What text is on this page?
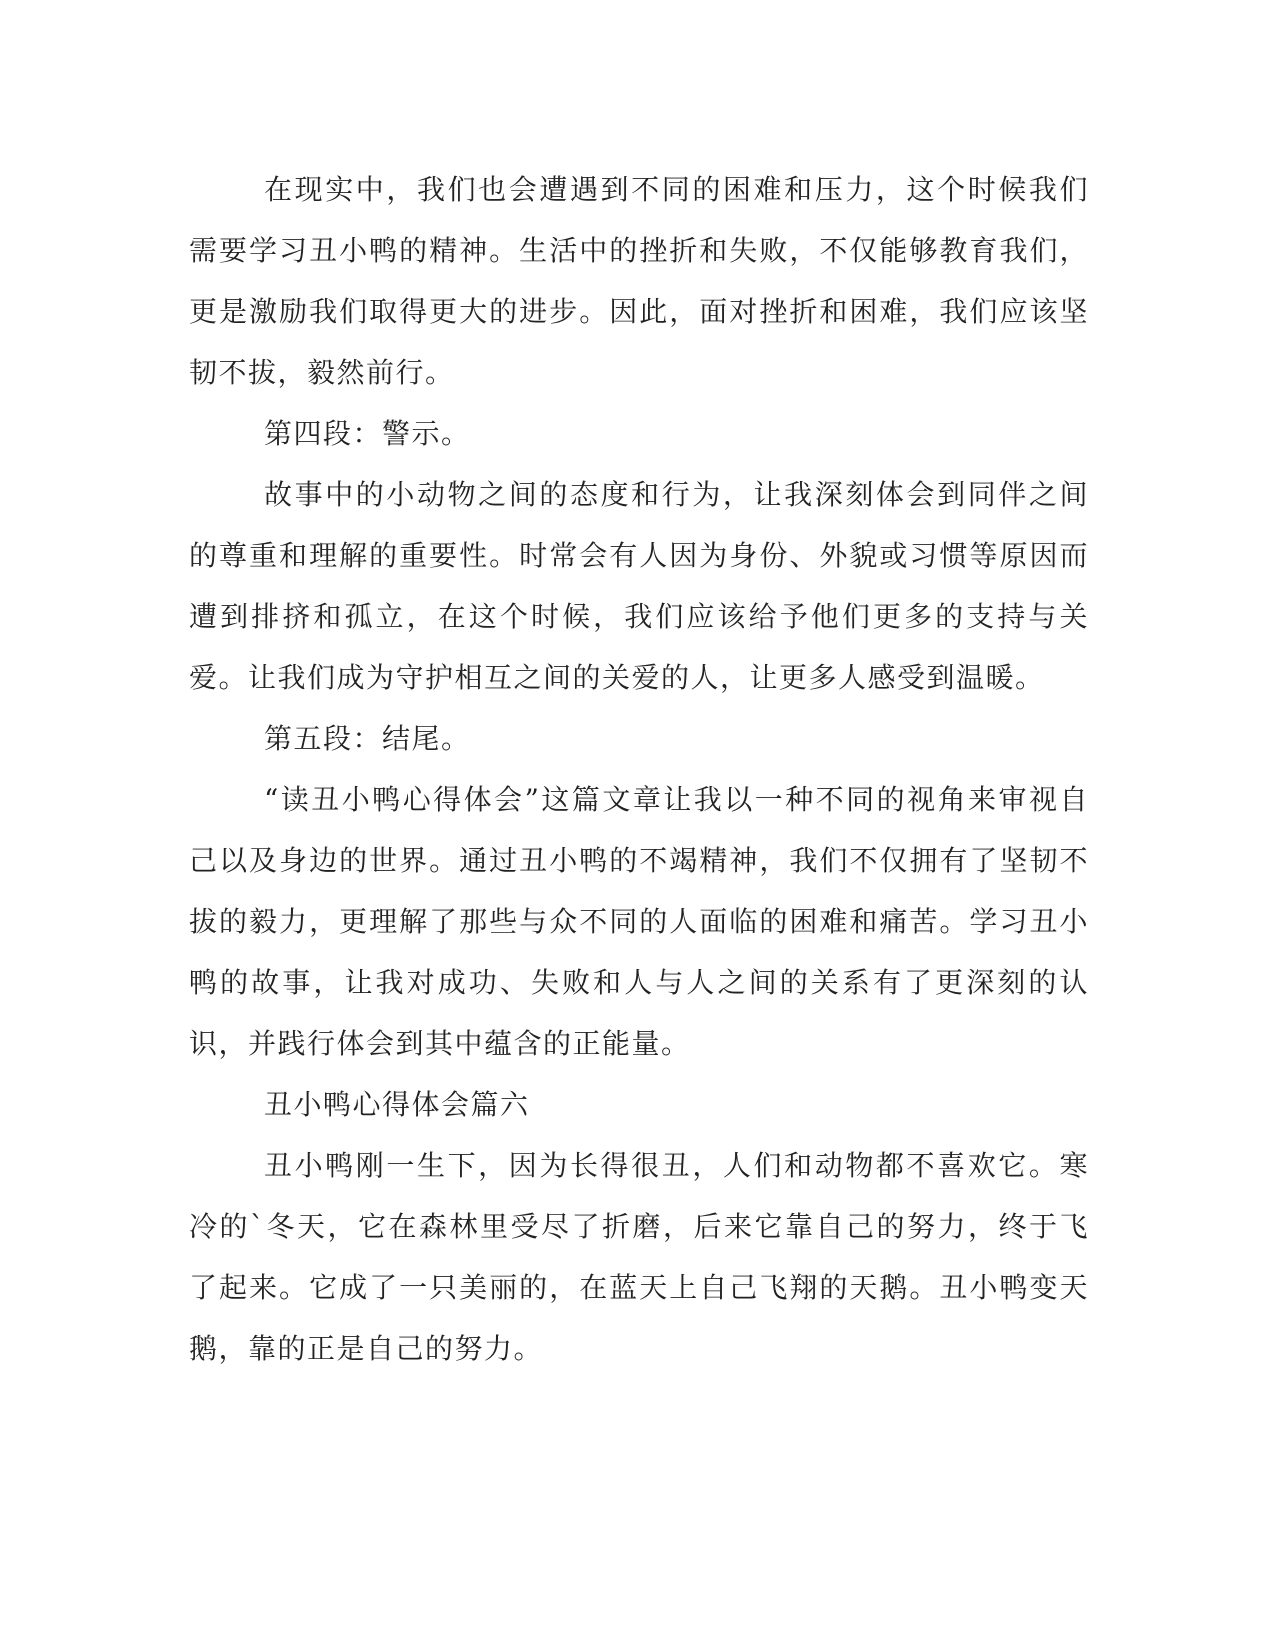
在现实中，我们也会遭遇到不同的困难和压力，这个时候我们需要学习丑小鸭的精神。生活中的挫折和失败，不仅能够教育我们，更是激励我们取得更大的进步。因此，面对挫折和困难，我们应该坚韧不拔，毅然前行。

第四段：警示。

故事中的小动物之间的态度和行为，让我深刻体会到同伴之间的尊重和理解的重要性。时常会有人因为身份、外貌或习惯等原因而遭到排挤和孤立，在这个时候，我们应该给予他们更多的支持与关爱。让我们成为守护相互之间的关爱的人，让更多人感受到温暖。

第五段：结尾。

“读丑小鸭心得体会”这篇文章让我以一种不同的视角来审视自己以及身边的世界。通过丑小鸭的不竭精神，我们不仅拥有了坚韧不拔的毅力，更理解了那些与众不同的人面临的困难和痛苦。学习丑小鸭的故事，让我对成功、失败和人与人之间的关系有了更深刻的认识，并践行体会到其中蕴含的正能量。

丑小鸭心得体会篇六

丑小鸭刚一生下，因为长得很丑，人们和动物都不喜欢它。寒冷的`冬天，它在森林里受尽了折磨，后来它靠自己的努力，终于飞了起来。它成了一只美丽的，在蓝天上自己飞翔的天鹅。丑小鸭变天鹅，靠的正是自己的努力。
